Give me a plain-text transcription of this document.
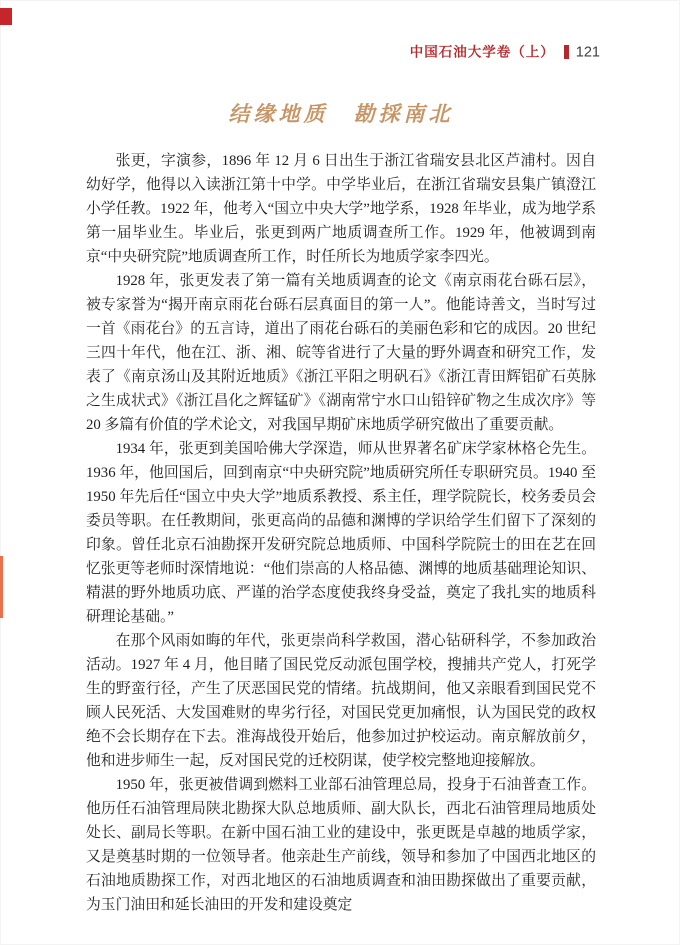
中国石油大学卷（上） 121
结缘地质　勘採南北

张更，字演参，1896 年 12 月 6 日出生于浙江省瑞安县北区芦浦村。因自幼好学，他得以入读浙江第十中学。中学毕业后，在浙江省瑞安县集广镇澄江小学任教。1922 年，他考入“国立中央大学”地学系，1928 年毕业，成为地学系第一届毕业生。毕业后，张更到两广地质调查所工作。1929 年，他被调到南京“中央研究院”地质调查所工作，时任所长为地质学家李四光。

1928 年，张更发表了第一篇有关地质调查的论文《南京雨花台砾石层》，被专家誉为“揭开南京雨花台砾石层真面目的第一人”。他能诗善文，当时写过一首《雨花台》的五言诗，道出了雨花台砾石的美丽色彩和它的成因。20 世纪三四十年代，他在江、浙、湘、皖等省进行了大量的野外调查和研究工作，发表了《南京汤山及其附近地质》《浙江平阳之明矾石》《浙江青田辉铝矿石英脉之生成状式》《浙江昌化之辉锰矿》《湖南常宁水口山铅锌矿物之生成次序》等 20 多篇有价值的学术论文，对我国早期矿床地质学研究做出了重要贡献。

1934 年，张更到美国哈佛大学深造，师从世界著名矿床学家林格仑先生。1936 年，他回国后，回到南京“中央研究院”地质研究所任专职研究员。1940 至 1950 年先后任“国立中央大学”地质系教授、系主任，理学院院长，校务委员会委员等职。在任教期间，张更高尚的品德和渊博的学识给学生们留下了深刻的印象。曾任北京石油勘探开发研究院总地质师、中国科学院院士的田在艺在回忆张更等老师时深情地说：“他们崇高的人格品德、渊博的地质基础理论知识、精湛的野外地质功底、严谨的治学态度使我终身受益，奠定了我扎实的地质科研理论基础。”

在那个风雨如晦的年代，张更崇尚科学救国，潜心钻研科学，不参加政治活动。1927 年 4 月，他目睹了国民党反动派包围学校，搜捕共产党人，打死学生的野蛮行径，产生了厌恶国民党的情绪。抗战期间，他又亲眼看到国民党不顾人民死活、大发国难财的卑劣行径，对国民党更加痛恨，认为国民党的政权绝不会长期存在下去。淮海战役开始后，他参加过护校运动。南京解放前夕，他和进步师生一起，反对国民党的迁校阴谋，使学校完整地迎接解放。

1950 年，张更被借调到燃料工业部石油管理总局，投身于石油普查工作。他历任石油管理局陕北勘探大队总地质师、副大队长，西北石油管理局地质处处长、副局长等职。在新中国石油工业的建设中，张更既是卓越的地质学家，又是奠基时期的一位领导者。他亲赴生产前线，领导和参加了中国西北地区的石油地质勘探工作，对西北地区的石油地质调查和油田勘探做出了重要贡献，为玉门油田和延长油田的开发和建设奠定
